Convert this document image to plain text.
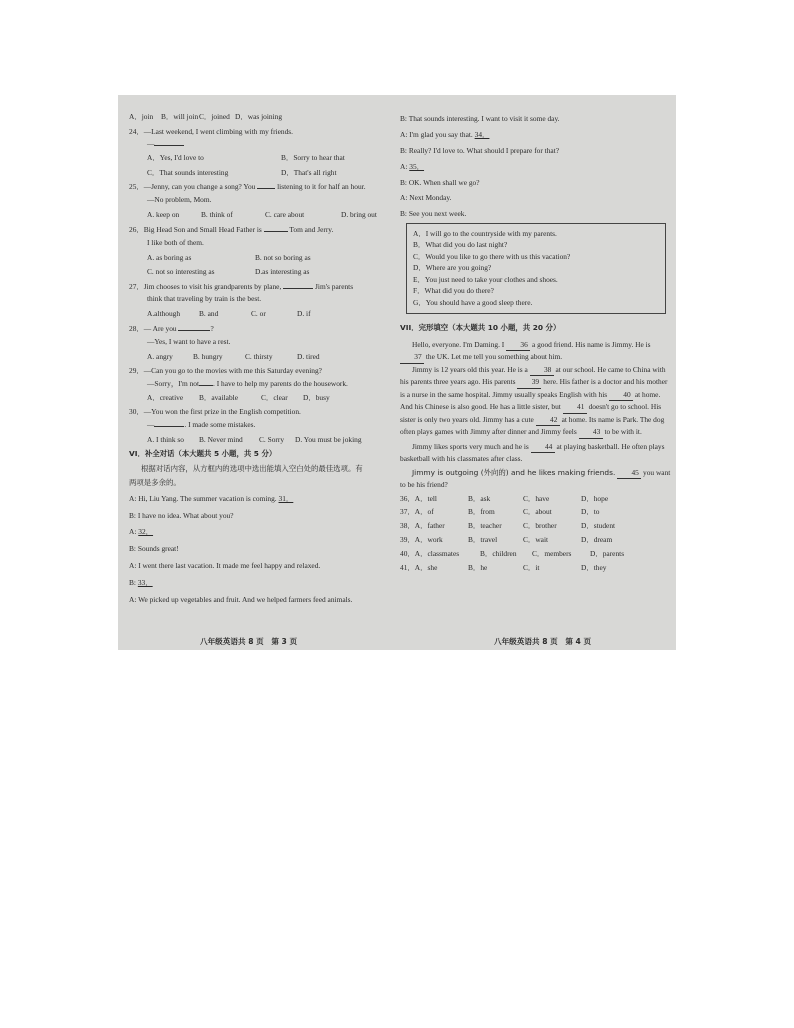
A．join	B．will join C．joined D．was joining

24．—Last weekend, I went climbing with my friends.

—

A．Yes, I'd love to	B．Sorry to hear that
C．That sounds interesting	D．That's all right

25．—Jenny, can you change a song? You	listening to it for half an hour.

—No problem, Mom.

A. keep on	B. think of	C. care about	D. bring out

26．Big Head Son and Small Head Father is	Tom and Jerry.

I like both of them.

A. as boring as	B. not so boring as
C. not so interesting as	D.as interesting as

27．Jim chooses to visit his grandparents by plane,	Jim's parents

think that traveling by train is the best.

A.although	B. and	C. or	D. if

28．— Are you	?

—Yes, I want to have a rest.

A. angry	B. hungry	C. thirsty	D. tired

29．—Can you go to the movies with me this Saturday evening?

—Sorry，I'm not . I have to help my parents do the housework.

A．creative	B．available	C．clear	D．busy

30．—You won the first prize in the English competition.

—	. I made some mistakes.

A. I think so	B. Never mind	C. Sorry	D. You must be joking

VI．补全对话（本大题共 5 小题，共 5 分）

根据对话内容，从方框内的选项中选出能填入空白处的最佳选项。有

两项是多余的。

A: Hi, Liu Yang. The summer vacation is coming. 31．

B: I have no idea. What about you?

A: 32．

B: Sounds great!

A: I went there last vacation. It made me feel happy and relaxed.

B: 33．

A: We picked up vegetables and fruit. And we helped farmers feed animals.

B: That sounds interesting. I want to visit it some day.

A: I'm glad you say that. 34．

B: Really? I'd love to. What should I prepare for that?

A: 35．

B: OK. When shall we go?

A: Next Monday.

B: See you next week.

A．I will go to the countryside with my parents.

B．What did you do last night?

C．Would you like to go there with us this vacation?

D．Where are you going?

E．You just need to take your clothes and shoes.

F．What did you do there?

G．You should have a good sleep there.

VII．完形填空（本大题共 10 小题，共 20 分）

Hello, everyone. I'm Daming. I 36 a good friend. His name is Jimmy. He is 37 the UK. Let me tell you something about him.
Jimmy is 12 years old this year. He is a 38 at our school. He came to China with his parents three years ago. His parents 39 here. His father is a doctor and his mother is a nurse in the same hospital. Jimmy usually speaks English with his 40 at home. And his Chinese is also good. He has a little sister, but 41 doesn't go to school. His sister is only two years old. Jimmy has a cute 42 at home. Its name is Park. The dog often plays games with Jimmy after dinner and Jimmy feels 43 to be with it.
Jimmy likes sports very much and he is 44 at playing basketball. He often plays basketball with his classmates after class.
Jimmy is outgoing (外向的) and he likes making friends. 45 you want to be his friend?
36．A．tell	B．ask	C．have	D．hope
37．A．of	B．from	C．about	D．to
38．A．father	B．teacher	C．brother	D．student
39．A．work	B．travel	C．wait	D．dream
40．A．classmates	B．children	C．members	D．parents
41．A．she	B．he	C．it	D．they
八年级英语共 8 页　第 3 页	八年级英语共 8 页　第 4 页
